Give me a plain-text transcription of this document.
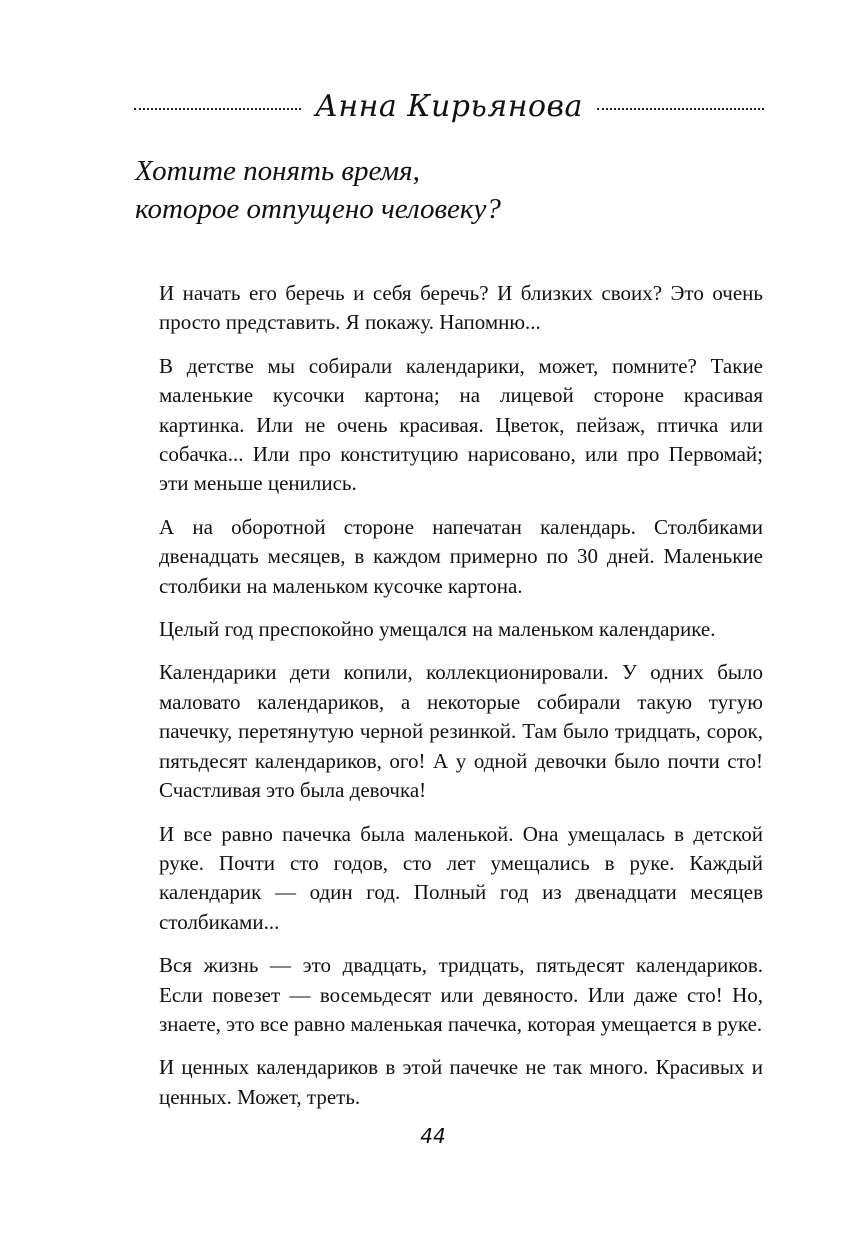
Анна Кирьянова
Хотите понять время,
которое отпущено человеку?

И начать его беречь и себя беречь? И близких своих? Это очень просто представить. Я покажу. Напомню...

В детстве мы собирали календарики, может, помните? Такие маленькие кусочки картона; на лицевой стороне красивая картинка. Или не очень красивая. Цветок, пейзаж, птичка или собачка... Или про конституцию нарисовано, или про Первомай; эти меньше ценились.

А на оборотной стороне напечатан календарь. Столбиками двенадцать месяцев, в каждом примерно по 30 дней. Маленькие столбики на маленьком кусочке картона.

Целый год преспокойно умещался на маленьком календарике.

Календарики дети копили, коллекционировали. У одних было маловато календариков, а некоторые собирали такую тугую пачечку, перетянутую черной резинкой. Там было тридцать, сорок, пятьдесят календариков, ого! А у одной девочки было почти сто! Счастливая это была девочка!

И все равно пачечка была маленькой. Она умещалась в детской руке. Почти сто годов, сто лет умещались в руке. Каждый календарик — один год. Полный год из двенадцати месяцев столбиками...

Вся жизнь — это двадцать, тридцать, пятьдесят календариков. Если повезет — восемьдесят или девяносто. Или даже сто! Но, знаете, это все равно маленькая пачечка, которая умещается в руке.

И ценных календариков в этой пачечке не так много. Красивых и ценных. Может, треть.

44
